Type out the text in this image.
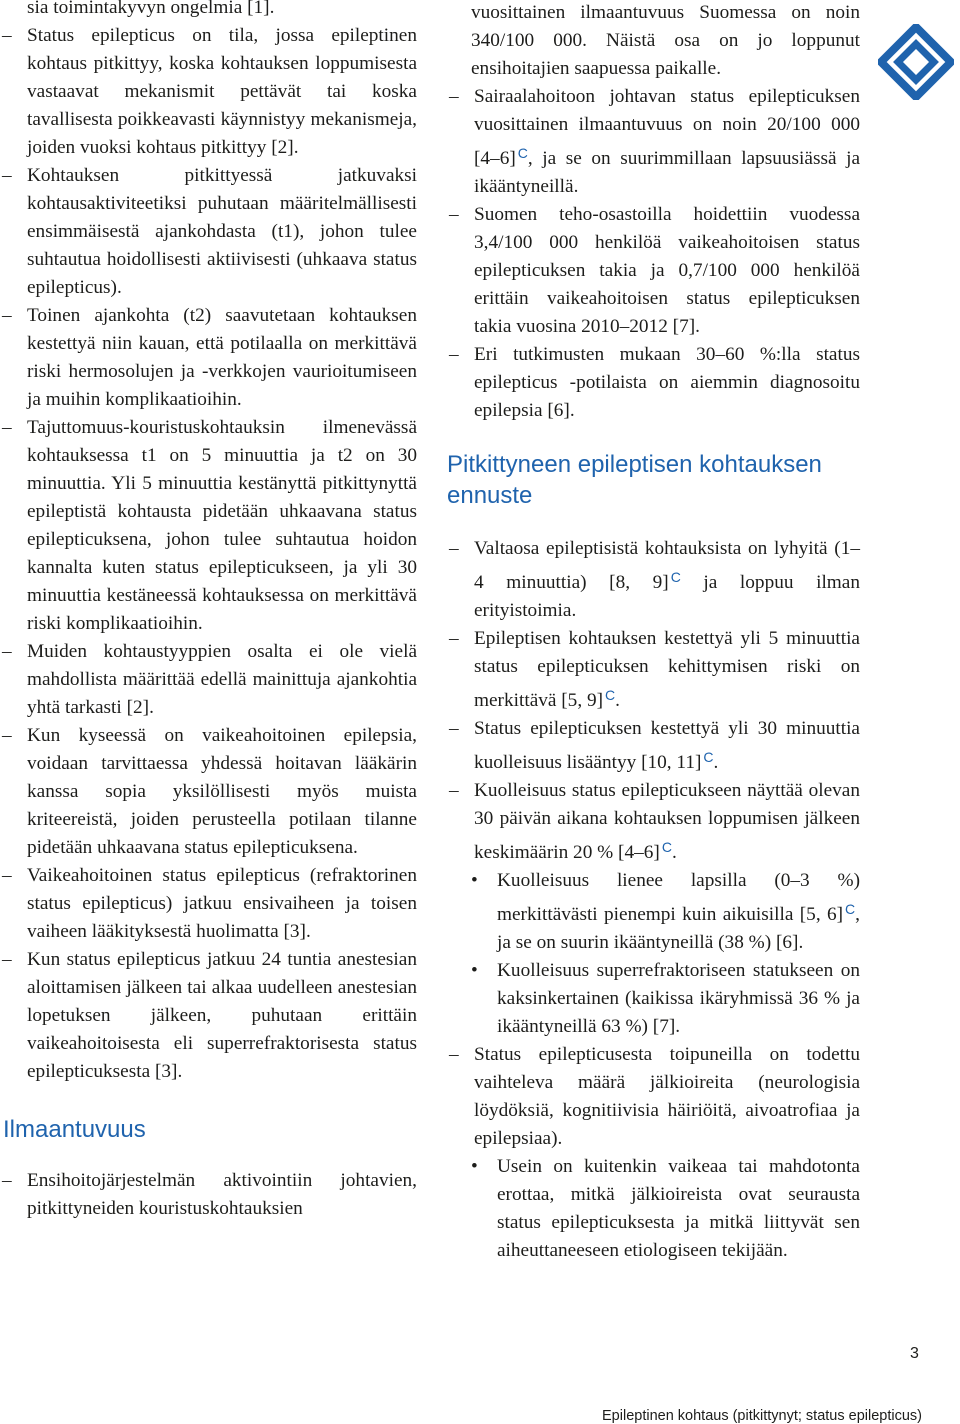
sia toimintakyvyn ongelmia [1].

– Status epilepticus on tila, jossa epileptinen kohtaus pitkittyy, koska kohtauksen loppumisesta vastaavat mekanismit pettävät tai koska tavallisesta poikkeavasti käynnistyy mekanismeja, joiden vuoksi kohtaus pitkittyy [2].

– Kohtauksen pitkittyessä jatkuvaksi kohtausaktiviteetiksi puhutaan määritelmällisesti ensimmäisestä ajankohdasta (t1), johon tulee suhtautua hoidollisesti aktiivisesti (uhkaava status epilepticus).

– Toinen ajankohta (t2) saavutetaan kohtauksen kestettyä niin kauan, että potilaalla on merkittävä riski hermosolujen ja -verkkojen vaurioitumiseen ja muihin komplikaatioihin.

– Tajuttomuus-kouristuskohtauksin ilmenevässä kohtauksessa t1 on 5 minuuttia ja t2 on 30 minuuttia. Yli 5 minuuttia kestänyttä pitkittynyttä epileptistä kohtausta pidetään uhkaavana status epilepticuksena, johon tulee suhtautua hoidon kannalta kuten status epilepticukseen, ja yli 30 minuuttia kestäneessä kohtauksessa on merkittävä riski komplikaatioihin.

– Muiden kohtaustyyppien osalta ei ole vielä mahdollista määrittää edellä mainittuja ajankohtia yhtä tarkasti [2].

– Kun kyseessä on vaikeahoitoinen epilepsia, voidaan tarvittaessa yhdessä hoitavan lääkärin kanssa sopia yksilöllisesti myös muista kriteereistä, joiden perusteella potilaan tilanne pidetään uhkaavana status epilepticuksena.

– Vaikeahoitoinen status epilepticus (refraktorinen status epilepticus) jatkuu ensivaiheen ja toisen vaiheen lääkityksestä huolimatta [3].

– Kun status epilepticus jatkuu 24 tuntia anestesian aloittamisen jälkeen tai alkaa uudelleen anestesian lopetuksen jälkeen, puhutaan erittäin vaikeahoitoisesta eli superrefraktorisesta status epilepticuksesta [3].

Ilmaantuvuus

– Ensihoitojärjestelmän aktivointiin johtavien, pitkittyneiden kouristuskohtauksien

vuosittainen ilmaantuvuus Suomessa on noin 340/100 000. Näistä osa on jo loppunut ensihoitajien saapuessa paikalle.

– Sairaalahoitoon johtavan status epilepticuksen vuosittainen ilmaantuvuus on noin 20/100 000 [4–6] $^C$, ja se on suurimmillaan lapsuusiässä ja ikääntyneillä.

– Suomen teho-osastoilla hoidettiin vuodessa 3,4/100 000 henkilöä vaikeahoitoisen status epilepticuksen takia ja 0,7/100 000 henkilöä erittäin vaikeahoitoisen status epilepticuksen takia vuosina 2010–2012 [7].

– Eri tutkimusten mukaan 30–60 %:lla status epilepticus -potilaista on aiemmin diagnosoitu epilepsia [6].

Pitkittyneen epileptisen kohtauksen ennuste

– Valtaosa epileptisistä kohtauksista on lyhyitä (1–4 minuuttia) [8, 9] $^C$ ja loppuu ilman erityistoimia.

– Epileptisen kohtauksen kestettyä yli 5 minuuttia status epilepticuksen kehittymisen riski on merkittävä [5, 9] $^C$.

– Status epilepticuksen kestettyä yli 30 minuuttia kuolleisuus lisääntyy [10, 11] $^C$.

– Kuolleisuus status epilepticukseen näyttää olevan 30 päivän aikana kohtauksen loppumisen jälkeen keskimäärin 20 % [4–6] $^C$.

• Kuolleisuus lienee lapsilla (0–3 %) merkittävästi pienempi kuin aikuisilla [5, 6] $^C$, ja se on suurin ikääntyneillä (38 %) [6].

• Kuolleisuus superrefraktoriseen statukseen on kaksinkertainen (kaikissa ikäryhmissä 36 % ja ikääntyneillä 63 %) [7].

– Status epilepticusesta toipuneilla on todettu vaihteleva määrä jälkioireita (neurologisia löydöksiä, kognitiivisia häiriöitä, aivoatrofiaa ja epilepsiaa).

• Usein on kuitenkin vaikeaa tai mahdotonta erottaa, mitkä jälkioireista ovat seurausta status epilepticuksesta ja mitkä liittyvät sen aiheuttaneeseen etiologiseen tekijään.

3
Epileptinen kohtaus (pitkittynyt; status epilepticus)
